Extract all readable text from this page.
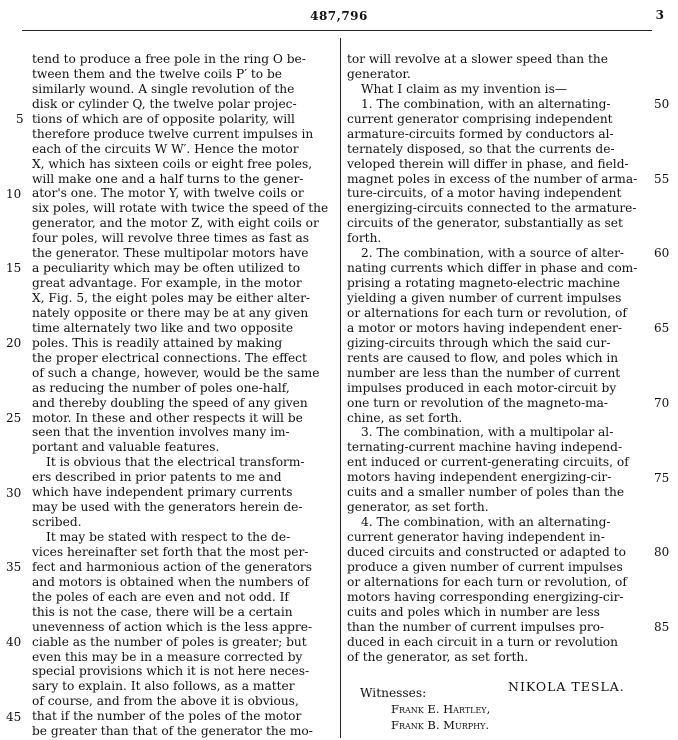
487,796	3
5
10
15
20
25
30
35
40
45
tend to produce a free pole in the ring O be-
tween them and the twelve coils P′ to be
similarly wound. A single revolution of the
disk or cylinder Q, the twelve polar projec-
tions of which are of opposite polarity, will
therefore produce twelve current impulses in
each of the circuits W W′. Hence the motor
X, which has sixteen coils or eight free poles,
will make one and a half turns to the gener-
ator's one. The motor Y, with twelve coils or
six poles, will rotate with twice the speed of the
generator, and the motor Z, with eight coils or
four poles, will revolve three times as fast as
the generator. These multipolar motors have
a peculiarity which may be often utilized to
great advantage. For example, in the motor
X, Fig. 5, the eight poles may be either alter-
nately opposite or there may be at any given
time alternately two like and two opposite
poles. This is readily attained by making
the proper electrical connections. The effect
of such a change, however, would be the same
as reducing the number of poles one-half,
and thereby doubling the speed of any given
motor. In these and other respects it will be
seen that the invention involves many im-
portant and valuable features.
It is obvious that the electrical transform-
ers described in prior patents to me and
which have independent primary currents
may be used with the generators herein de-
scribed.
It may be stated with respect to the de-
vices hereinafter set forth that the most per-
fect and harmonious action of the generators
and motors is obtained when the numbers of
the poles of each are even and not odd. If
this is not the case, there will be a certain
unevenness of action which is the less appre-
ciable as the number of poles is greater; but
even this may be in a measure corrected by
special provisions which it is not here neces-
sary to explain. It also follows, as a matter
of course, and from the above it is obvious,
that if the number of the poles of the motor
be greater than that of the generator the mo-
tor will revolve at a slower speed than the
generator.
What I claim as my invention is—
1. The combination, with an alternating-
current generator comprising independent
armature-circuits formed by conductors al-
ternately disposed, so that the currents de-
veloped therein will differ in phase, and field-
magnet poles in excess of the number of arma-
ture-circuits, of a motor having independent
energizing-circuits connected to the armature-
circuits of the generator, substantially as set
forth.
2. The combination, with a source of alter-
nating currents which differ in phase and com-
prising a rotating magneto-electric machine
yielding a given number of current impulses
or alternations for each turn or revolution, of
a motor or motors having independent ener-
gizing-circuits through which the said cur-
rents are caused to flow, and poles which in
number are less than the number of current
impulses produced in each motor-circuit by
one turn or revolution of the magneto-ma-
chine, as set forth.
3. The combination, with a multipolar al-
ternating-current machine having independ-
ent induced or current-generating circuits, of
motors having independent energizing-cir-
cuits and a smaller number of poles than the
generator, as set forth.
4. The combination, with an alternating-
current generator having independent in-
duced circuits and constructed or adapted to
produce a given number of current impulses
or alternations for each turn or revolution, of
motors having corresponding energizing-cir-
cuits and poles which in number are less
than the number of current impulses pro-
duced in each circuit in a turn or revolution
of the generator, as set forth.
50
55
60
65
70
75
80
85
NIKOLA TESLA.
Witnesses:
Frank E. Hartley,
Frank B. Murphy.
